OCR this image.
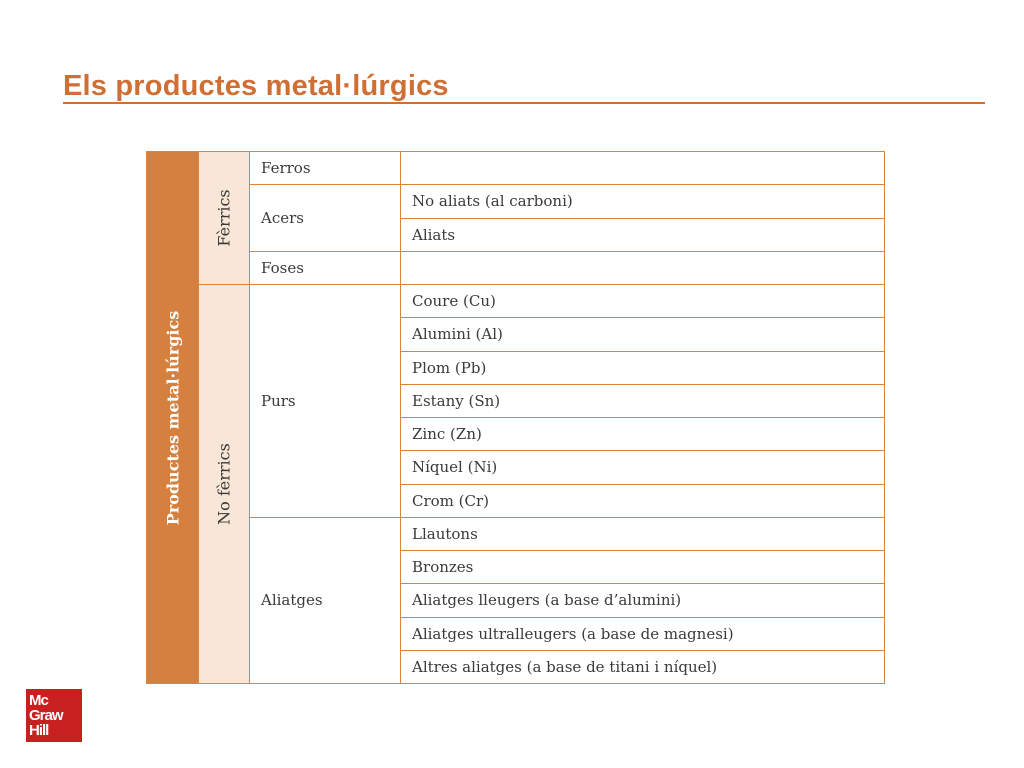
Els productes metal·lúrgics
Productes metal·lúrgics	Fèrrics	Ferros	
		Acers	No aliats (al carboni)
			Aliats
		Foses	

	No fèrrics	Purs	Coure (Cu)
			Alumini (Al)
			Plom (Pb)
			Estany (Sn)
			Zinc (Zn)
			Níquel (Ni)
			Crom (Cr)
		Aliatges	Llautons
			Bronzes
			Aliatges lleugers (a base d’alumini)
			Aliatges ultralleugers (a base de magnesi)
			Altres aliatges (a base de titani i níquel)
Mc
Graw
Hill
